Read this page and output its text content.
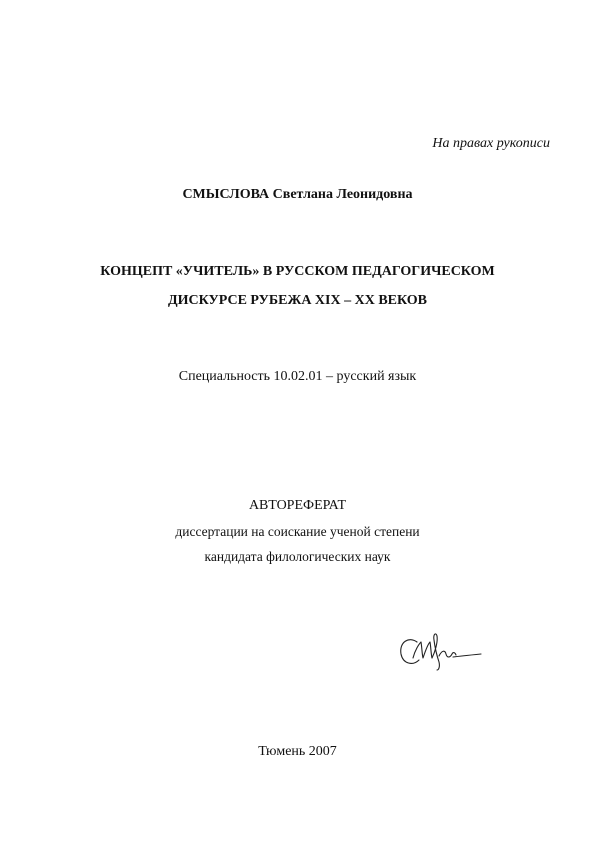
На правах рукописи
СМЫСЛОВА Светлана Леонидовна
КОНЦЕПТ «УЧИТЕЛЬ» В РУССКОМ ПЕДАГОГИЧЕСКОМ
ДИСКУРСЕ РУБЕЖА XIX – XX ВЕКОВ
Специальность 10.02.01 – русский язык
АВТОРЕФЕРАТ
диссертации на соискание ученой степени
кандидата филологических наук
Тюмень 2007
